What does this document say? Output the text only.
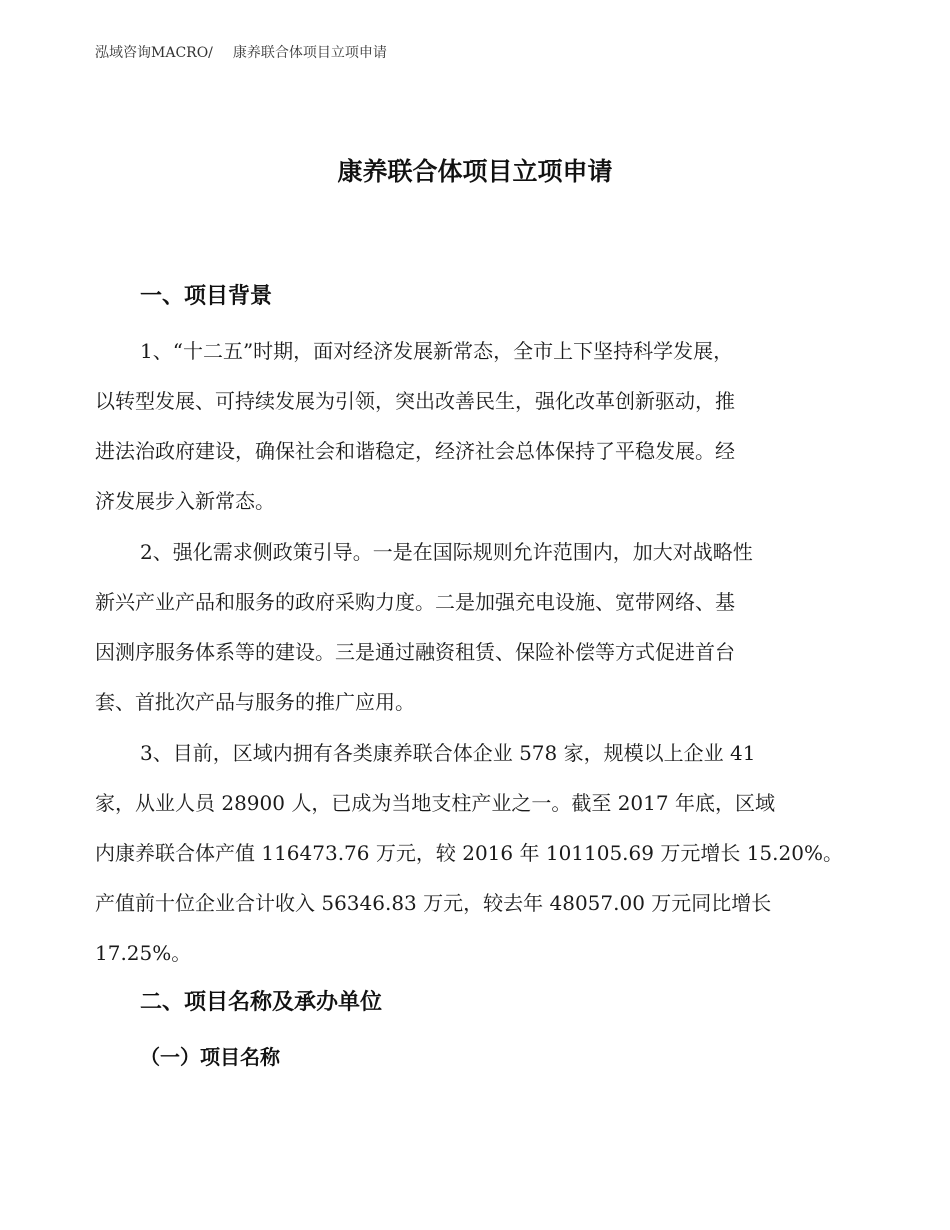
泓域咨询MACRO/ 康养联合体项目立项申请
康养联合体项目立项申请
一、项目背景
1、“十二五”时期，面对经济发展新常态，全市上下坚持科学发展，
以转型发展、可持续发展为引领，突出改善民生，强化改革创新驱动，推
进法治政府建设，确保社会和谐稳定，经济社会总体保持了平稳发展。经
济发展步入新常态。
2、强化需求侧政策引导。一是在国际规则允许范围内，加大对战略性
新兴产业产品和服务的政府采购力度。二是加强充电设施、宽带网络、基
因测序服务体系等的建设。三是通过融资租赁、保险补偿等方式促进首台
套、首批次产品与服务的推广应用。
3、目前，区域内拥有各类康养联合体企业 578 家，规模以上企业 41
家，从业人员 28900 人，已成为当地支柱产业之一。截至 2017 年底，区域
内康养联合体产值 116473.76 万元，较 2016 年 101105.69 万元增长 15.20%。
产值前十位企业合计收入 56346.83 万元，较去年 48057.00 万元同比增长
17.25%。
二、项目名称及承办单位
（一）项目名称
